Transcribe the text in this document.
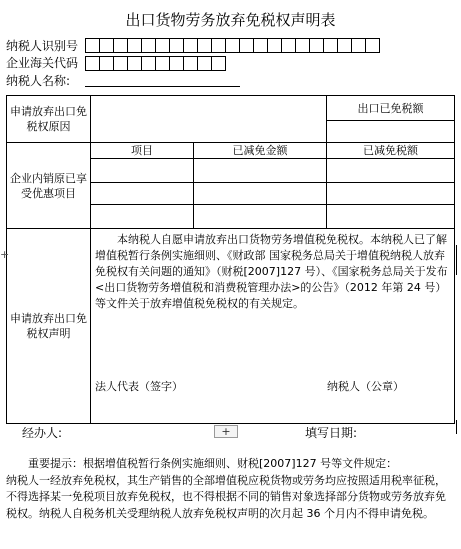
出口货物劳务放弃免税权声明表
纳税人识别号
企业海关代码
纳税人名称:
申请放弃出口免税权原因			出口已免税额

企业内销原已享受优惠项目	项目	已减免金额	已减免税额

申请放弃出口免税权声明	本纳税人自愿申请放弃出口货物劳务增值税免税权。本纳税人已了解增值税暂行条例实施细则、《财政部 国家税务总局关于增值税纳税人放弃免税权有关问题的通知》（财税[2007]127 号）、《国家税务总局关于发布<出口货物劳务增值税和消费税管理办法>的公告》（2012 年第 24 号）等文件关于放弃增值税免税权的有关规定。
法人代表（签字） 纳税人（公章）		
+
经办人:	+	填写日期:

重要提示：根据增值税暂行条例实施细则、财税[2007]127 号等文件规定：

纳税人一经放弃免税权，其生产销售的全部增值税应税货物或劳务均应按照适用税率征税，不得选择某一免税项目放弃免税权，也不得根据不同的销售对象选择部分货物或劳务放弃免税权。纳税人自税务机关受理纳税人放弃免税权声明的次月起 36 个月内不得申请免税。
